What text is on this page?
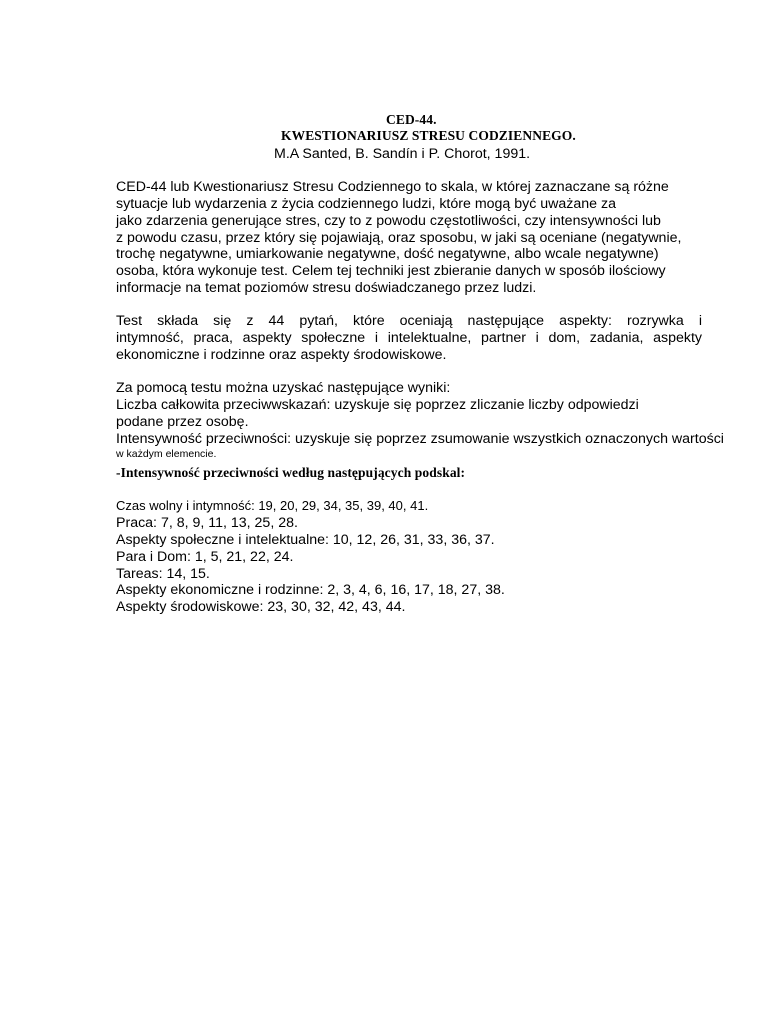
CED-44.
KWESTIONARIUSZ STRESU CODZIENNEGO.
M.A Santed, B. Sandín i P. Chorot, 1991.
CED-44 lub Kwestionariusz Stresu Codziennego to skala, w której zaznaczane są różne
sytuacje lub wydarzenia z życia codziennego ludzi, które mogą być uważane za
jako zdarzenia generujące stres, czy to z powodu częstotliwości, czy intensywności lub
z powodu czasu, przez który się pojawiają, oraz sposobu, w jaki są oceniane (negatywnie,
trochę negatywne, umiarkowanie negatywne, dość negatywne, albo wcale negatywne)
osoba, która wykonuje test. Celem tej techniki jest zbieranie danych w sposób ilościowy
informacje na temat poziomów stresu doświadczanego przez ludzi.
Test składa się z 44 pytań, które oceniają następujące aspekty: rozrywka i
intymność, praca, aspekty społeczne i intelektualne, partner i dom, zadania, aspekty
ekonomiczne i rodzinne oraz aspekty środowiskowe.
Za pomocą testu można uzyskać następujące wyniki:
Liczba całkowita przeciwwskazań: uzyskuje się poprzez zliczanie liczby odpowiedzi
podane przez osobę.
Intensywność przeciwności: uzyskuje się poprzez zsumowanie wszystkich oznaczonych wartości
w każdym elemencie.
-Intensywność przeciwności według następujących podskal:
Czas wolny i intymność: 19, 20, 29, 34, 35, 39, 40, 41.
Praca: 7, 8, 9, 11, 13, 25, 28.
Aspekty społeczne i intelektualne: 10, 12, 26, 31, 33, 36, 37.
Para i Dom: 1, 5, 21, 22, 24.
Tareas: 14, 15.
Aspekty ekonomiczne i rodzinne: 2, 3, 4, 6, 16, 17, 18, 27, 38.
Aspekty środowiskowe: 23, 30, 32, 42, 43, 44.
